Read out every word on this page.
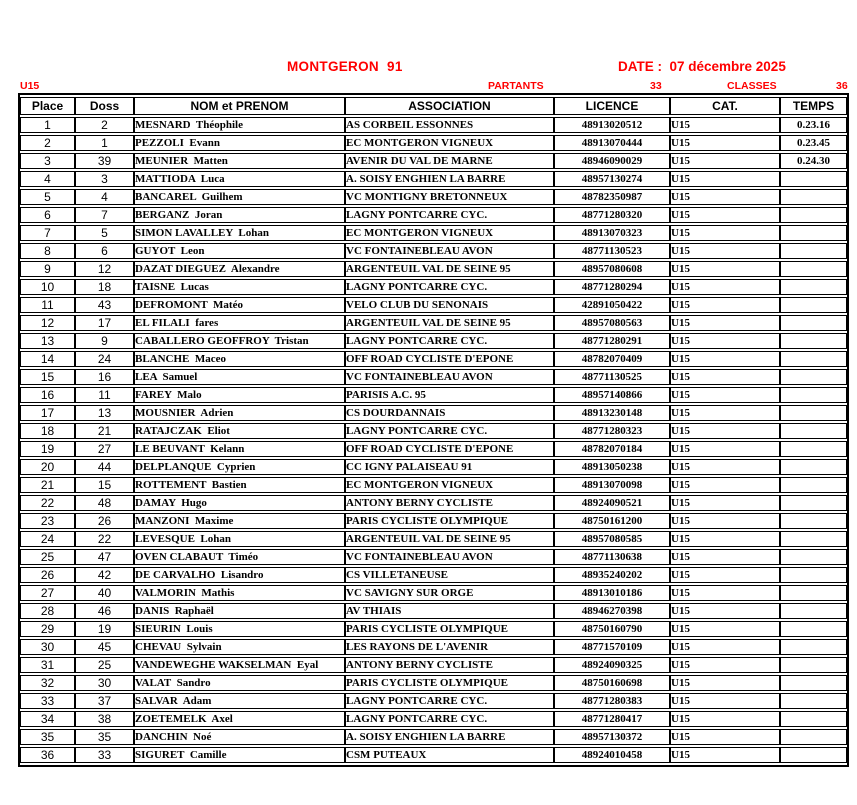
MONTGERON  91	DATE :  07 décembre 2025
U15	PARTANTS	33	CLASSES	36
Place	Doss	NOM et PRENOM	ASSOCIATION	LICENCE	CAT.	TEMPS
1	2	MESNARD  Théophile	AS CORBEIL ESSONNES	48913020512	U15	0.23.16
2	1	PEZZOLI  Evann	EC MONTGERON VIGNEUX	48913070444	U15	0.23.45
3	39	MEUNIER  Matten	AVENIR DU VAL DE MARNE	48946090029	U15	0.24.30
4	3	MATTIODA  Luca	A. SOISY ENGHIEN LA BARRE	48957130274	U15	
5	4	BANCAREL  Guilhem	VC MONTIGNY BRETONNEUX	48782350987	U15	
6	7	BERGANZ  Joran	LAGNY PONTCARRE CYC.	48771280320	U15	
7	5	SIMON LAVALLEY  Lohan	EC MONTGERON VIGNEUX	48913070323	U15	
8	6	GUYOT  Leon	VC FONTAINEBLEAU AVON	48771130523	U15	
9	12	DAZAT DIEGUEZ  Alexandre	ARGENTEUIL VAL DE SEINE 95	48957080608	U15	
10	18	TAISNE  Lucas	LAGNY PONTCARRE CYC.	48771280294	U15	
11	43	DEFROMONT  Matéo	VELO CLUB DU SENONAIS	42891050422	U15	
12	17	EL FILALI  fares	ARGENTEUIL VAL DE SEINE 95	48957080563	U15	
13	9	CABALLERO GEOFFROY  Tristan	LAGNY PONTCARRE CYC.	48771280291	U15	
14	24	BLANCHE  Maceo	OFF ROAD CYCLISTE D'EPONE	48782070409	U15	
15	16	LEA  Samuel	VC FONTAINEBLEAU AVON	48771130525	U15	
16	11	FAREY  Malo	PARISIS A.C. 95	48957140866	U15	
17	13	MOUSNIER  Adrien	CS DOURDANNAIS	48913230148	U15	
18	21	RATAJCZAK  Eliot	LAGNY PONTCARRE CYC.	48771280323	U15	
19	27	LE BEUVANT  Kelann	OFF ROAD CYCLISTE D'EPONE	48782070184	U15	
20	44	DELPLANQUE  Cyprien	CC IGNY PALAISEAU 91	48913050238	U15	
21	15	ROTTEMENT  Bastien	EC MONTGERON VIGNEUX	48913070098	U15	
22	48	DAMAY  Hugo	ANTONY BERNY CYCLISTE	48924090521	U15	
23	26	MANZONI  Maxime	PARIS CYCLISTE OLYMPIQUE	48750161200	U15	
24	22	LEVESQUE  Lohan	ARGENTEUIL VAL DE SEINE 95	48957080585	U15	
25	47	OVEN CLABAUT  Timéo	VC FONTAINEBLEAU AVON	48771130638	U15	
26	42	DE CARVALHO  Lisandro	CS VILLETANEUSE	48935240202	U15	
27	40	VALMORIN  Mathis	VC SAVIGNY SUR ORGE	48913010186	U15	
28	46	DANIS  Raphaël	AV THIAIS	48946270398	U15	
29	19	SIEURIN  Louis	PARIS CYCLISTE OLYMPIQUE	48750160790	U15	
30	45	CHEVAU  Sylvain	LES RAYONS DE L'AVENIR	48771570109	U15	
31	25	VANDEWEGHE WAKSELMAN  Eyal	ANTONY BERNY CYCLISTE	48924090325	U15	
32	30	VALAT  Sandro	PARIS CYCLISTE OLYMPIQUE	48750160698	U15	
33	37	SALVAR  Adam	LAGNY PONTCARRE CYC.	48771280383	U15	
34	38	ZOETEMELK  Axel	LAGNY PONTCARRE CYC.	48771280417	U15	
35	35	DANCHIN  Noé	A. SOISY ENGHIEN LA BARRE	48957130372	U15	
36	33	SIGURET  Camille	CSM PUTEAUX	48924010458	U15	
